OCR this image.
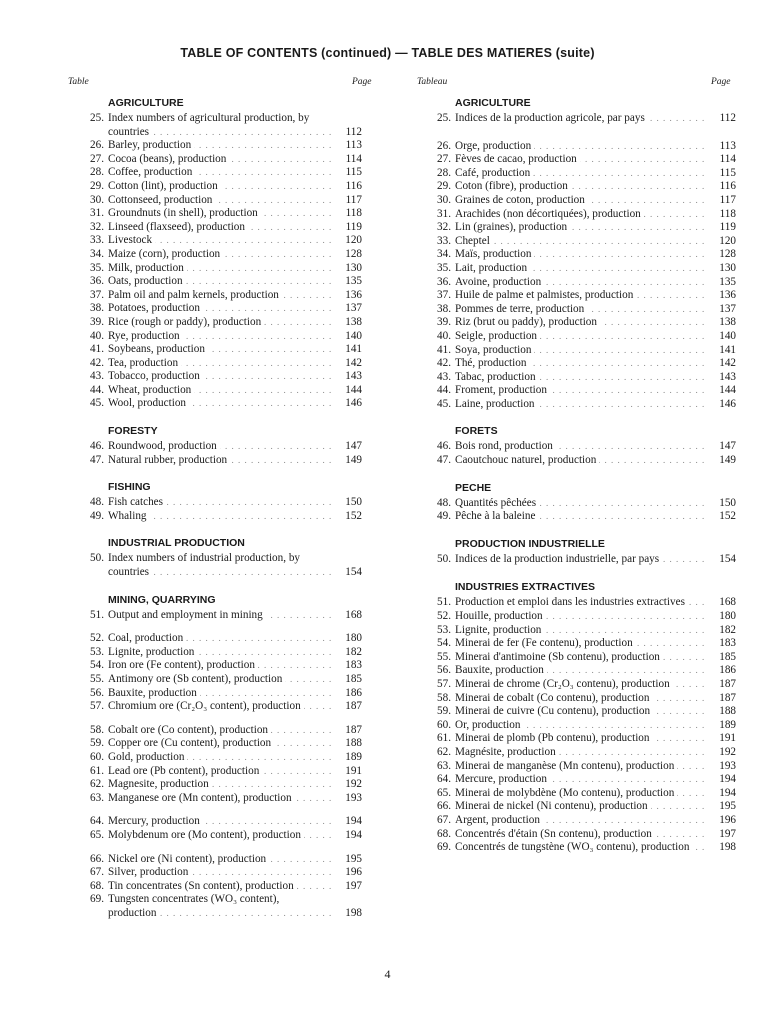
TABLE OF CONTENTS (continued) — TABLE DES MATIERES (suite)
Table	Page	Tableau	Page
AGRICULTURE
25. Index numbers of agricultural production, by countries . . .	112
26. Barley, production . . .	113
27. Cocoa (beans), production . . .	114
28. Coffee, production . . .	115
29. Cotton (lint), production . . .	116
30. Cottonseed, production . . .	117
31. Groundnuts (in shell), production . . .	118
32. Linseed (flaxseed), production . . .	119
33. Livestock . . .	120
34. Maize (corn), production . . .	128
35. Milk, production . . .	130
36. Oats, production . . .	135
37. Palm oil and palm kernels, production . . .	136
38. Potatoes, production . . .	137
39. Rice (rough or paddy), production . . .	138
40. Rye, production . . .	140
41. Soybeans, production . . .	141
42. Tea, production . . .	142
43. Tobacco, production . . .	143
44. Wheat, production . . .	144
45. Wool, production . . .	146
FORESTY
46. Roundwood, production . . .	147
47. Natural rubber, production . . .	149
FISHING
48. Fish catches . . .	150
49. Whaling . . .	152
INDUSTRIAL PRODUCTION
50. Index numbers of industrial production, by countries . . .	154
MINING, QUARRYING
51. Output and employment in mining . . .	168
52. Coal, production . . .	180
53. Lignite, production . . .	182
54. Iron ore (Fe content), production . . .	183
55. Antimony ore (Sb content), production . . .	185
56. Bauxite, production . . .	186
57. Chromium ore (Cr₂O₃ content), production . . .	187
58. Cobalt ore (Co content), production . . .	187
59. Copper ore (Cu content), production . . .	188
60. Gold, production . . .	189
61. Lead ore (Pb content), production . . .	191
62. Magnesite, production . . .	192
63. Manganese ore (Mn content), production . . .	193
64. Mercury, production . . .	194
65. Molybdenum ore (Mo content), production . . .	194
66. Nickel ore (Ni content), production . . .	195
67. Silver, production . . .	196
68. Tin concentrates (Sn content), production . . .	197
69. Tungsten concentrates (WO₃ content), production . . .	198
AGRICULTURE
25. Indices de la production agricole, par pays . . .	112
26. Orge, production . . .	113
27. Fèves de cacao, production . . .	114
28. Café, production . . .	115
29. Coton (fibre), production . . .	116
30. Graines de coton, production . . .	117
31. Arachides (non décortiquées), production . . .	118
32. Lin (graines), production . . .	119
33. Cheptel . . .	120
34. Maïs, production . . .	128
35. Lait, production . . .	130
36. Avoine, production . . .	135
37. Huile de palme et palmistes, production . . .	136
38. Pommes de terre, production . . .	137
39. Riz (brut ou paddy), production . . .	138
40. Seigle, production . . .	140
41. Soya, production . . .	141
42. Thé, production . . .	142
43. Tabac, production . . .	143
44. Froment, production . . .	144
45. Laine, production . . .	146
FORETS
46. Bois rond, production . . .	147
47. Caoutchouc naturel, production . . .	149
PECHE
48. Quantités pêchées . . .	150
49. Pêche à la baleine . . .	152
PRODUCTION INDUSTRIELLE
50. Indices de la production industrielle, par pays . . .	154
INDUSTRIES EXTRACTIVES
51. Production et emploi dans les industries extractives . . .	168
52. Houille, production . . .	180
53. Lignite, production . . .	182
54. Minerai de fer (Fe contenu), production . . .	183
55. Minerai d'antimoine (Sb contenu), production . . .	185
56. Bauxite, production . . .	186
57. Minerai de chrome (Cr₂O₃ contenu), production . . .	187
58. Minerai de cobalt (Co contenu), production . . .	187
59. Minerai de cuivre (Cu contenu), production . . .	188
60. Or, production . . .	189
61. Minerai de plomb (Pb contenu), production . . .	191
62. Magnésite, production . . .	192
63. Minerai de manganèse (Mn contenu), production . . .	193
64. Mercure, production . . .	194
65. Minerai de molybdène (Mo contenu), production . . .	194
66. Minerai de nickel (Ni contenu), production . . .	195
67. Argent, production . . .	196
68. Concentrés d'étain (Sn contenu), production . . .	197
69. Concentrés de tungstène (WO₃ contenu), production . . .	198
4
